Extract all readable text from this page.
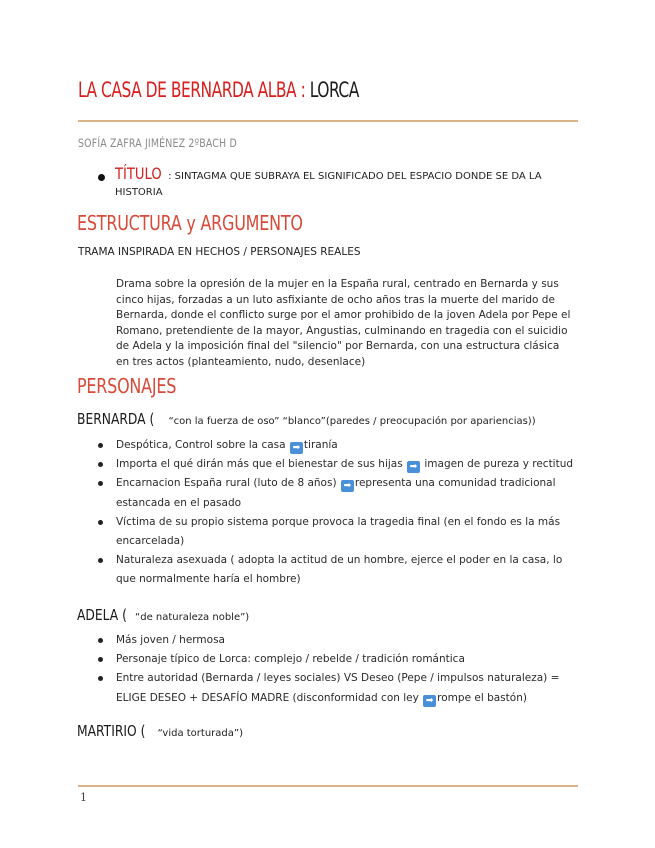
LA CASA DE BERNARDA ALBA : LORCA
SOFÍA ZAFRA JIMÉNEZ 2ºBACH D
TÍTULO : SINTAGMA QUE SUBRAYA EL SIGNIFICADO DEL ESPACIO DONDE SE DA LA HISTORIA
ESTRUCTURA y ARGUMENTO
TRAMA INSPIRADA EN HECHOS / PERSONAJES REALES
Drama sobre la opresión de la mujer en la España rural, centrado en Bernarda y sus cinco hijas, forzadas a un luto asfixiante de ocho años tras la muerte del marido de Bernarda, donde el conflicto surge por el amor prohibido de la joven Adela por Pepe el Romano, pretendiente de la mayor, Angustias, culminando en tragedia con el suicidio de Adela y la imposición final del "silencio" por Bernarda, con una estructura clásica en tres actos (planteamiento, nudo, desenlace)
PERSONAJES
BERNARDA ( “con la fuerza de oso” “blanco”(paredes / preocupación por apariencias))
Despótica, Control sobre la casa ➡ tiranía
Importa el qué dirán más que el bienestar de sus hijas ➡ imagen de pureza y rectitud
Encarnacion España rural (luto de 8 años) ➡ representa una comunidad tradicional estancada en el pasado
Víctima de su propio sistema porque provoca la tragedia final (en el fondo es la más encarcelada)
Naturaleza asexuada ( adopta la actitud de un hombre, ejerce el poder en la casa, lo que normalmente haría el hombre)
ADELA ( “de naturaleza noble”)
Más joven / hermosa
Personaje típico de Lorca: complejo / rebelde / tradición romántica
Entre autoridad (Bernarda / leyes sociales) VS Deseo (Pepe / impulsos naturaleza) = ELIGE DESEO + DESAFÍO MADRE (disconformidad con ley ➡ rompe el bastón)
MARTIRIO ( “vida torturada”)
1
